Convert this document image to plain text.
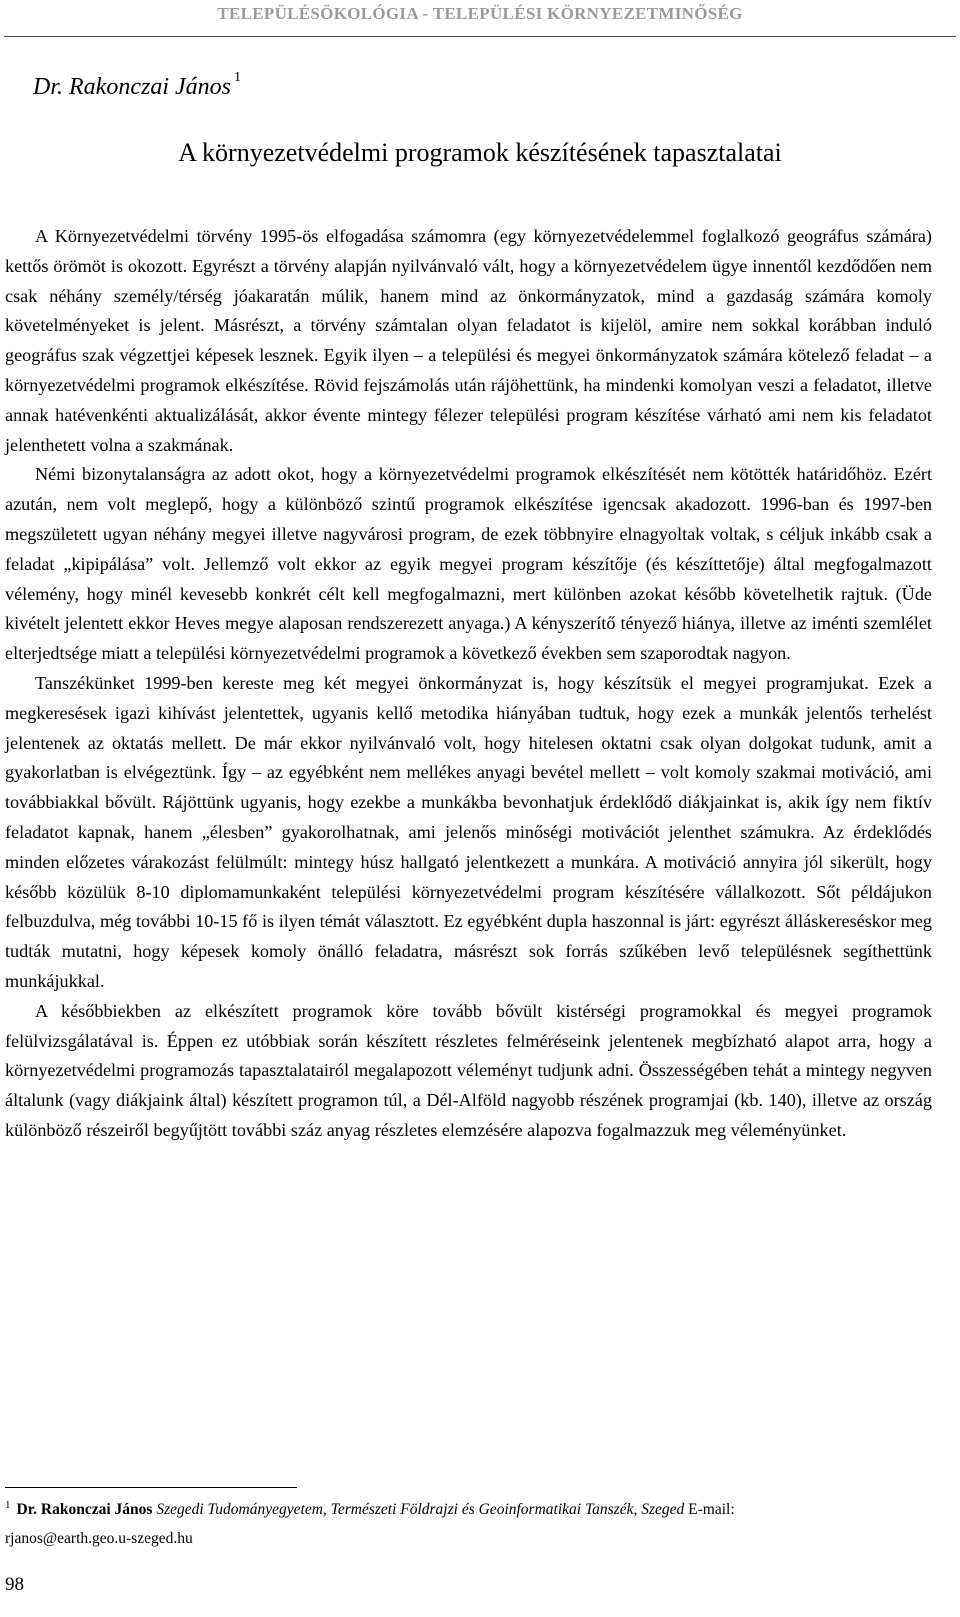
TELEPÜLÉSÖKOLÓGIA - TELEPÜLÉSI KÖRNYEZETMINŐSÉG
Dr. Rakonczai János $^1$
A környezetvédelmi programok készítésének tapasztalatai

A Környezetvédelmi törvény 1995-ös elfogadása számomra (egy környezetvédelemmel foglalkozó geográfus számára) kettős örömöt is okozott. Egyrészt a törvény alapján nyilvánvaló vált, hogy a környezetvédelem ügye innentől kezdődően nem csak néhány személy/térség jóakaratán múlik, hanem mind az önkormányzatok, mind a gazdaság számára komoly követelményeket is jelent. Másrészt, a törvény számtalan olyan feladatot is kijelöl, amire nem sokkal korábban induló geográfus szak végzettjei képesek lesznek. Egyik ilyen – a települési és megyei önkormányzatok számára kötelező feladat – a környezetvédelmi programok elkészítése. Rövid fejszámolás után rájöhettünk, ha mindenki komolyan veszi a feladatot, illetve annak hatévenkénti aktualizálását, akkor évente mintegy félezer települési program készítése várható ami nem kis feladatot jelenthetett volna a szakmának.

Némi bizonytalanságra az adott okot, hogy a környezetvédelmi programok elkészítését nem kötötték határidőhöz. Ezért azután, nem volt meglepő, hogy a különböző szintű programok elkészítése igencsak akadozott. 1996-ban és 1997-ben megszületett ugyan néhány megyei illetve nagyvárosi program, de ezek többnyire elnagyoltak voltak, s céljuk inkább csak a feladat „kipipálása” volt. Jellemző volt ekkor az egyik megyei program készítője (és készíttetője) által megfogalmazott vélemény, hogy minél kevesebb konkrét célt kell megfogalmazni, mert különben azokat később követelhetik rajtuk. (Üde kivételt jelentett ekkor Heves megye alaposan rendszerezett anyaga.) A kényszerítő tényező hiánya, illetve az iménti szemlélet elterjedtsége miatt a települési környezetvédelmi programok a következő években sem szaporodtak nagyon.

Tanszékünket 1999-ben kereste meg két megyei önkormányzat is, hogy készítsük el megyei programjukat. Ezek a megkeresések igazi kihívást jelentettek, ugyanis kellő metodika hiányában tudtuk, hogy ezek a munkák jelentős terhelést jelentenek az oktatás mellett. De már ekkor nyilvánvaló volt, hogy hitelesen oktatni csak olyan dolgokat tudunk, amit a gyakorlatban is elvégeztünk. Így – az egyébként nem mellékes anyagi bevétel mellett – volt komoly szakmai motiváció, ami továbbiakkal bővült. Rájöttünk ugyanis, hogy ezekbe a munkákba bevonhatjuk érdeklődő diákjainkat is, akik így nem fiktív feladatot kapnak, hanem „élesben” gyakorolhatnak, ami jelenős minőségi motivációt jelenthet számukra. Az érdeklődés minden előzetes várakozást felülmúlt: mintegy húsz hallgató jelentkezett a munkára. A motiváció annyira jól sikerült, hogy később közülük 8-10 diplomamunkaként települési környezetvédelmi program készítésére vállalkozott. Sőt példájukon felbuzdulva, még további 10-15 fő is ilyen témát választott. Ez egyébként dupla haszonnal is járt: egyrészt álláskereséskor meg tudták mutatni, hogy képesek komoly önálló feladatra, másrészt sok forrás szűkében levő településnek segíthettünk munkájukkal.

A későbbiekben az elkészített programok köre tovább bővült kistérségi programokkal és megyei programok felülvizsgálatával is. Éppen ez utóbbiak során készített részletes felméréseink jelentenek megbízható alapot arra, hogy a környezetvédelmi programozás tapasztalatairól megalapozott véleményt tudjunk adni. Összességében tehát a mintegy negyven általunk (vagy diákjaink által) készített programon túl, a Dél-Alföld nagyobb részének programjai (kb. 140), illetve az ország különböző részeiről begyűjtött további száz anyag részletes elemzésére alapozva fogalmazzuk meg véleményünket.

$^1$ Dr. Rakonczai János Szegedi Tudományegyetem, Természeti Földrajzi és Geoinformatikai Tanszék, Szeged E-mail:
rjanos@earth.geo.u-szeged.hu
98
